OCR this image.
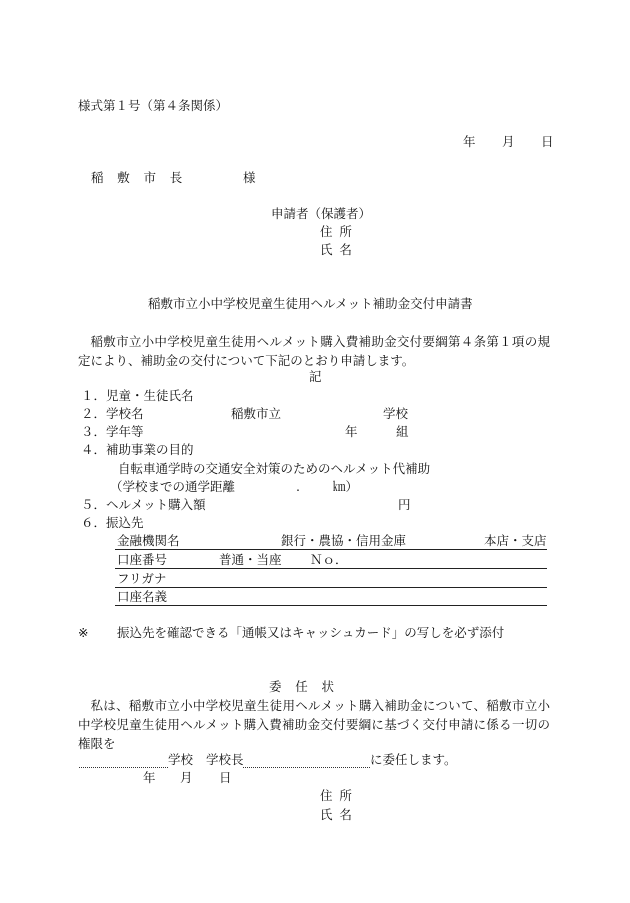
様式第１号（第４条関係）
年 月 日
稲敷市長	様
申請者（保護者）
住所
氏名
稲敷市立小中学校児童生徒用ヘルメット補助金交付申請書
稲敷市立小中学校児童生徒用ヘルメット購入費補助金交付要綱第４条第１項の規定により、補助金の交付について下記のとおり申請します。
記
１．児童・生徒氏名
２．学校名	稲敷市立	学校
３．学年等	年	組
４．補助事業の目的
自転車通学時の交通安全対策のためのヘルメット代補助
（学校までの通学距離	.	㎞）
５．ヘルメット購入額	円
６．振込先
金融機関名	銀行・農協・信用金庫	本店・支店
口座番号	普通・当座 Ｎｏ．
フリガナ
口座名義
※ 振込先を確認できる「通帳又はキャッシュカード」の写しを必ず添付
委任状
私は、稲敷市立小中学校児童生徒用ヘルメット購入補助金について、稲敷市立小中学校児童生徒用ヘルメット購入費補助金交付要綱に基づく交付申請に係る一切の権限を
学校 学校長	に委任します。
年 月 日
住所
氏名
